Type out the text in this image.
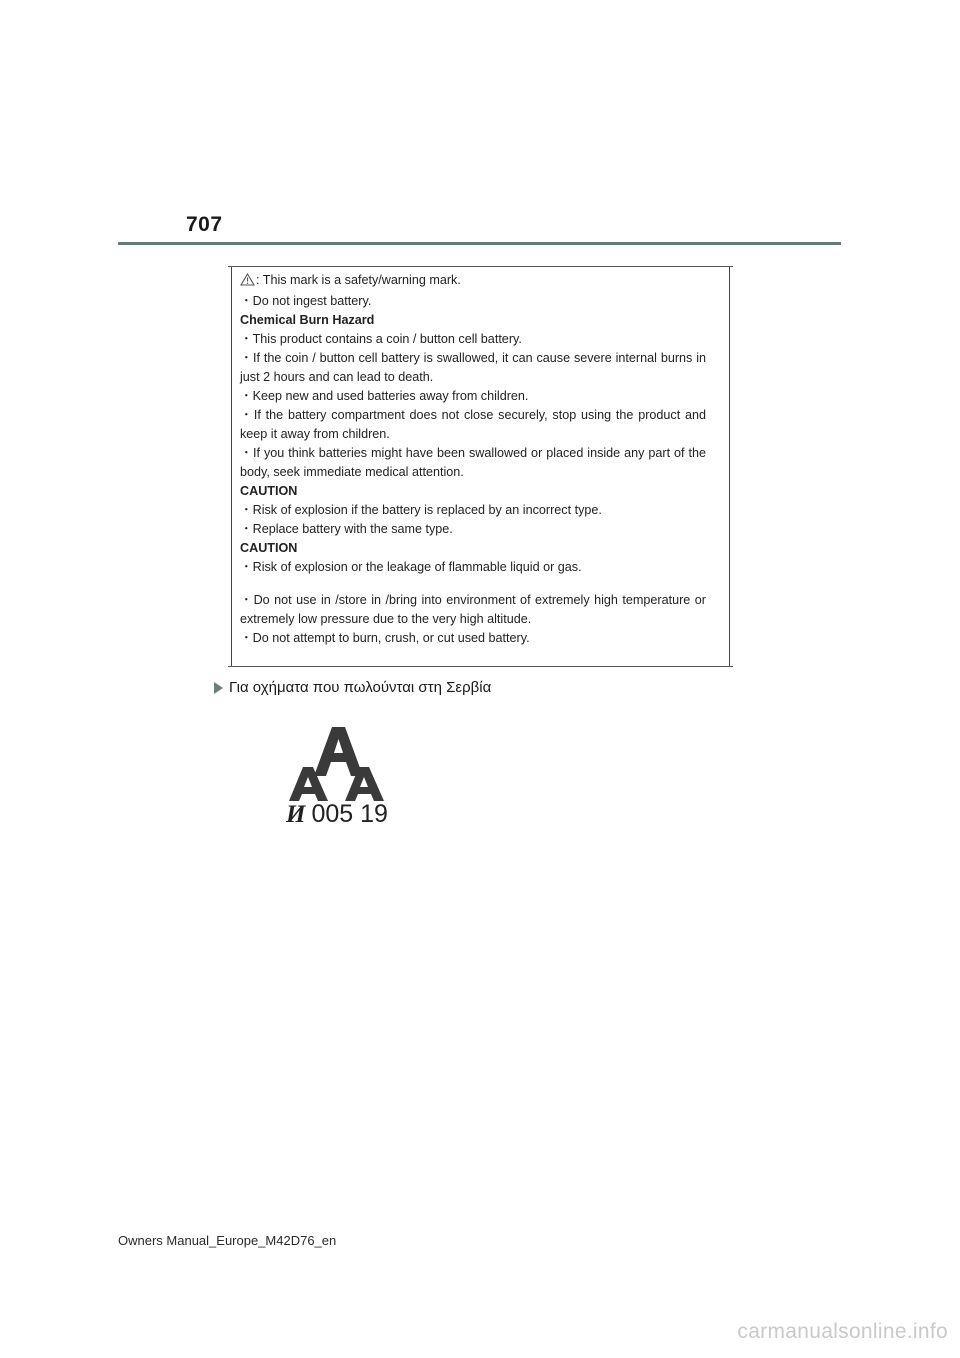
707

: This mark is a safety/warning mark.

・Do not ingest battery.

Chemical Burn Hazard

・This product contains a coin / button cell battery.

・If the coin / button cell battery is swallowed, it can cause severe internal burns in just 2 hours and can lead to death.

・Keep new and used batteries away from children.

・If the battery compartment does not close securely, stop using the product and keep it away from children.

・If you think batteries might have been swallowed or placed inside any part of the body, seek immediate medical attention.

CAUTION

・Risk of explosion if the battery is replaced by an incorrect type.

・Replace battery with the same type.

CAUTION

・Risk of explosion or the leakage of flammable liquid or gas.

・Do not use in /store in /bring into environment of extremely high temperature or extremely low pressure due to the very high altitude.

・Do not attempt to burn, crush, or cut used battery.

Για οχήματα που πωλούνται στη Σερβία
И 005 19
Owners Manual_Europe_M42D76_en
carmanualsonline.info
